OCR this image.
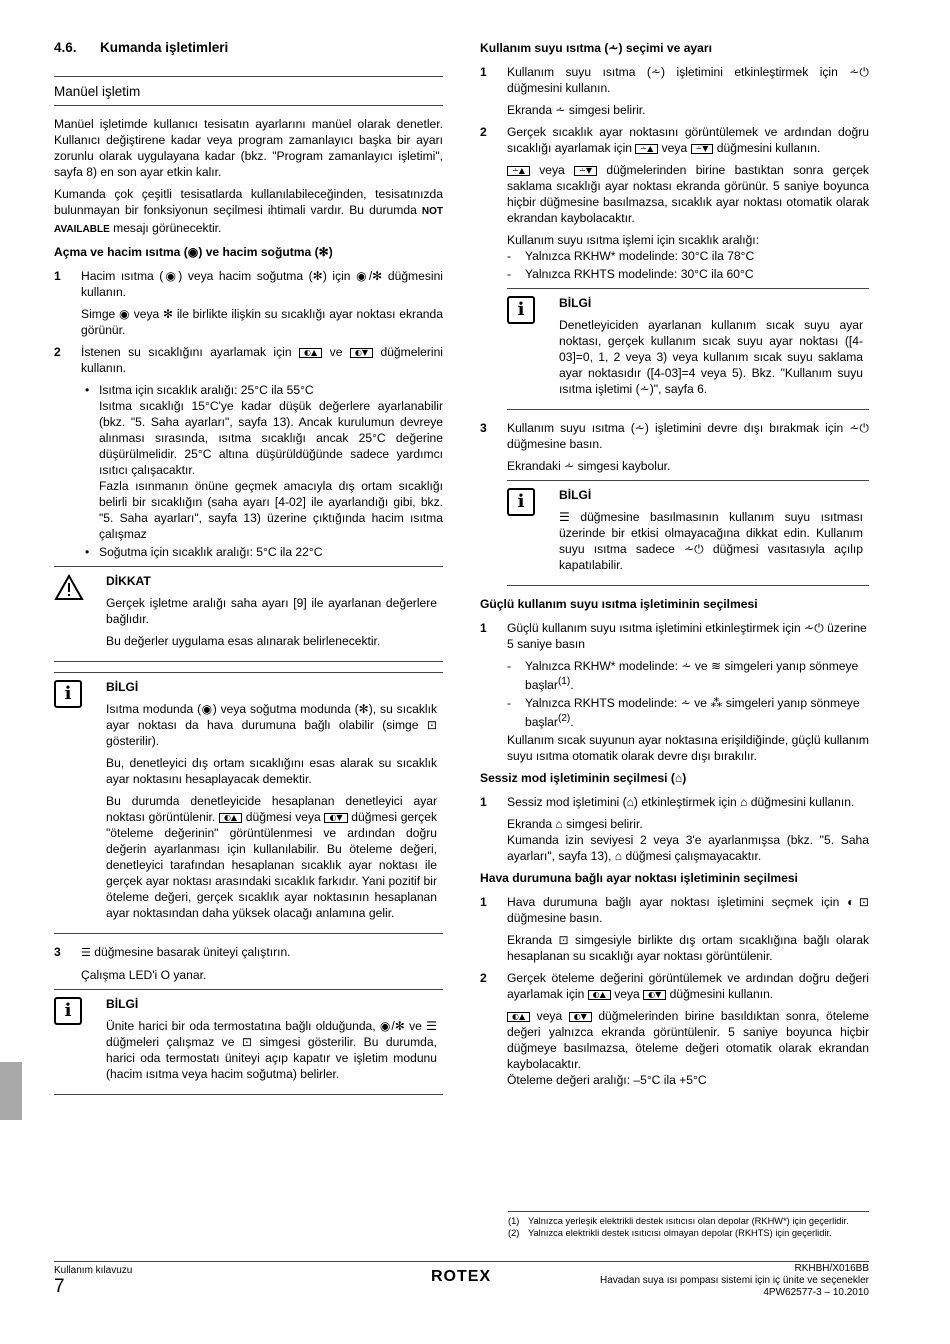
4.6. Kumanda işletimleri
Manüel işletim

Manüel işletimde kullanıcı tesisatın ayarlarını manüel olarak denetler. Kullanıcı değiştirene kadar veya program zamanlayıcı başka bir ayarı zorunlu olarak uygulayana kadar (bkz. "Program zamanlayıcı işletimi", sayfa 8) en son ayar etkin kalır.

Kumanda çok çeşitli tesisatlarda kullanılabileceğinden, tesisatınızda bulunmayan bir fonksiyonun seçilmesi ihtimali vardır. Bu durumda NOT AVAILABLE mesajı görünecektir.

Açma ve hacim ısıtma (◉) ve hacim soğutma (✻)
1 Hacim ısıtma (◉) veya hacim soğutma (✻) için ◉/✻ düğmesini kullanın.

Simge ◉ veya ✻ ile birlikte ilişkin su sıcaklığı ayar noktası ekranda görünür.

2 İstenen su sıcaklığını ayarlamak için ◐▲ ve ◐▼ düğmelerini kullanın.

• Isıtma için sıcaklık aralığı: 25°C ila 55°C
Isıtma sıcaklığı 15°C'ye kadar düşük değerlere ayarlanabilir (bkz. "5. Saha ayarları", sayfa 13). Ancak kurulumun devreye alınması sırasında, ısıtma sıcaklığı ancak 25°C değerine düşürülmelidir. 25°C altına düşürüldüğünde sadece yardımcı ısıtıcı çalışacaktır.
Fazla ısınmanın önüne geçmek amacıyla dış ortam sıcaklığı belirli bir sıcaklığın (saha ayarı [4-02] ile ayarlandığı gibi, bkz. "5. Saha ayarları", sayfa 13) üzerine çıktığında hacim ısıtma çalışmaz
• Soğutma için sıcaklık aralığı: 5°C ila 22°C
DİKKAT

Gerçek işletme aralığı saha ayarı [9] ile ayarlanan değerlere bağlıdır.

Bu değerler uygulama esas alınarak belirlenecektir.

i	BİLGİ

Isıtma modunda (◉) veya soğutma modunda (✻), su sıcaklık ayar noktası da hava durumuna bağlı olabilir (simge ⊡ gösterilir).

Bu, denetleyici dış ortam sıcaklığını esas alarak su sıcaklık ayar noktasını hesaplayacak demektir.

Bu durumda denetleyicide hesaplanan denetleyici ayar noktası görüntülenir. ◐▲ düğmesi veya ◐▼ düğmesi gerçek "öteleme değerinin" görüntülenmesi ve ardından doğru değerin ayarlanması için kullanılabilir. Bu öteleme değeri, denetleyici tarafından hesaplanan sıcaklık ayar noktası ile gerçek ayar noktası arasındaki sıcaklık farkıdır. Yani pozitif bir öteleme değeri, gerçek sıcaklık ayar noktasının hesaplanan ayar noktasından daha yüksek olacağı anlamına gelir.

3 ☰ düğmesine basarak üniteyi çalıştırın.

Çalışma LED'i O yanar.

i	BİLGİ

Ünite harici bir oda termostatına bağlı olduğunda, ◉/✻ ve ☰ düğmeleri çalışmaz ve ⊡ simgesi gösterilir. Bu durumda, harici oda termostatı üniteyi açıp kapatır ve işletim modunu (hacim ısıtma veya hacim soğutma) belirler.

Kullanım suyu ısıtma (⩪) seçimi ve ayarı
1 Kullanım suyu ısıtma (⩪) işletimini etkinleştirmek için ⩪⏻ düğmesini kullanın.

Ekranda ⩪ simgesi belirir.

2 Gerçek sıcaklık ayar noktasını görüntülemek ve ardından doğru sıcaklığı ayarlamak için ⩪▲ veya ⩪▼ düğmesini kullanın.

⩪▲ veya ⩪▼ düğmelerinden birine bastıktan sonra gerçek saklama sıcaklığı ayar noktası ekranda görünür. 5 saniye boyunca hiçbir düğmesine basılmazsa, sıcaklık ayar noktası otomatik olarak ekrandan kaybolacaktır.

Kullanım suyu ısıtma işlemi için sıcaklık aralığı:
- Yalnızca RKHW* modelinde: 30°C ila 78°C
- Yalnızca RKHTS modelinde: 30°C ila 60°C
i	BİLGİ

Denetleyiciden ayarlanan kullanım sıcak suyu ayar noktası, gerçek kullanım sıcak suyu ayar noktası ([4-03]=0, 1, 2 veya 3) veya kullanım sıcak suyu saklama ayar noktasıdır ([4-03]=4 veya 5). Bkz. "Kullanım suyu ısıtma işletimi (⩪)", sayfa 6.

3 Kullanım suyu ısıtma (⩪) işletimini devre dışı bırakmak için ⩪⏻ düğmesine basın.

Ekrandaki ⩪ simgesi kaybolur.

i	BİLGİ

☰ düğmesine basılmasının kullanım suyu ısıtması üzerinde bir etkisi olmayacağına dikkat edin. Kullanım suyu ısıtma sadece ⩪⏻ düğmesi vasıtasıyla açılıp kapatılabilir.

Güçlü kullanım suyu ısıtma işletiminin seçilmesi
1 Güçlü kullanım suyu ısıtma işletimini etkinleştirmek için ⩪⏻ üzerine 5 saniye basın

- Yalnızca RKHW* modelinde: ⩪ ve ≋ simgeleri yanıp sönmeye başlar$^{(1)}$.
- Yalnızca RKHTS modelinde: ⩪ ve ⁂ simgeleri yanıp sönmeye başlar$^{(2)}$.

Kullanım sıcak suyunun ayar noktasına erişildiğinde, güçlü kullanım suyu ısıtma otomatik olarak devre dışı bırakılır.

Sessiz mod işletiminin seçilmesi (⌂)
1 Sessiz mod işletimini (⌂) etkinleştirmek için ⌂ düğmesini kullanın.

Ekranda ⌂ simgesi belirir.

Kumanda izin seviyesi 2 veya 3'e ayarlanmışsa (bkz. "5. Saha ayarları", sayfa 13), ⌂ düğmesi çalışmayacaktır.

Hava durumuna bağlı ayar noktası işletiminin seçilmesi
1 Hava durumuna bağlı ayar noktası işletimini seçmek için ◐⊡ düğmesine basın.

Ekranda ⊡ simgesiyle birlikte dış ortam sıcaklığına bağlı olarak hesaplanan su sıcaklığı ayar noktası görüntülenir.

2 Gerçek öteleme değerini görüntülemek ve ardından doğru değeri ayarlamak için ◐▲ veya ◐▼ düğmesini kullanın.

◐▲ veya ◐▼ düğmelerinden birine basıldıktan sonra, öteleme değeri yalnızca ekranda görüntülenir. 5 saniye boyunca hiçbir düğmeye basılmazsa, öteleme değeri otomatik olarak ekrandan kaybolacaktır.

Öteleme değeri aralığı: –5°C ila +5°C
(1) Yalnızca yerleşik elektrikli destek ısıtıcısı olan depolar (RKHW*) için geçerlidir.
(2) Yalnızca elektrikli destek ısıtıcısı olmayan depolar (RKHTS) için geçerlidir.
Kullanım kılavuzu
7	ROTEX	RKHBH/X016BB
Havadan suya ısı pompası sistemi için iç ünite ve seçenekler
4PW62577-3 – 10.2010
